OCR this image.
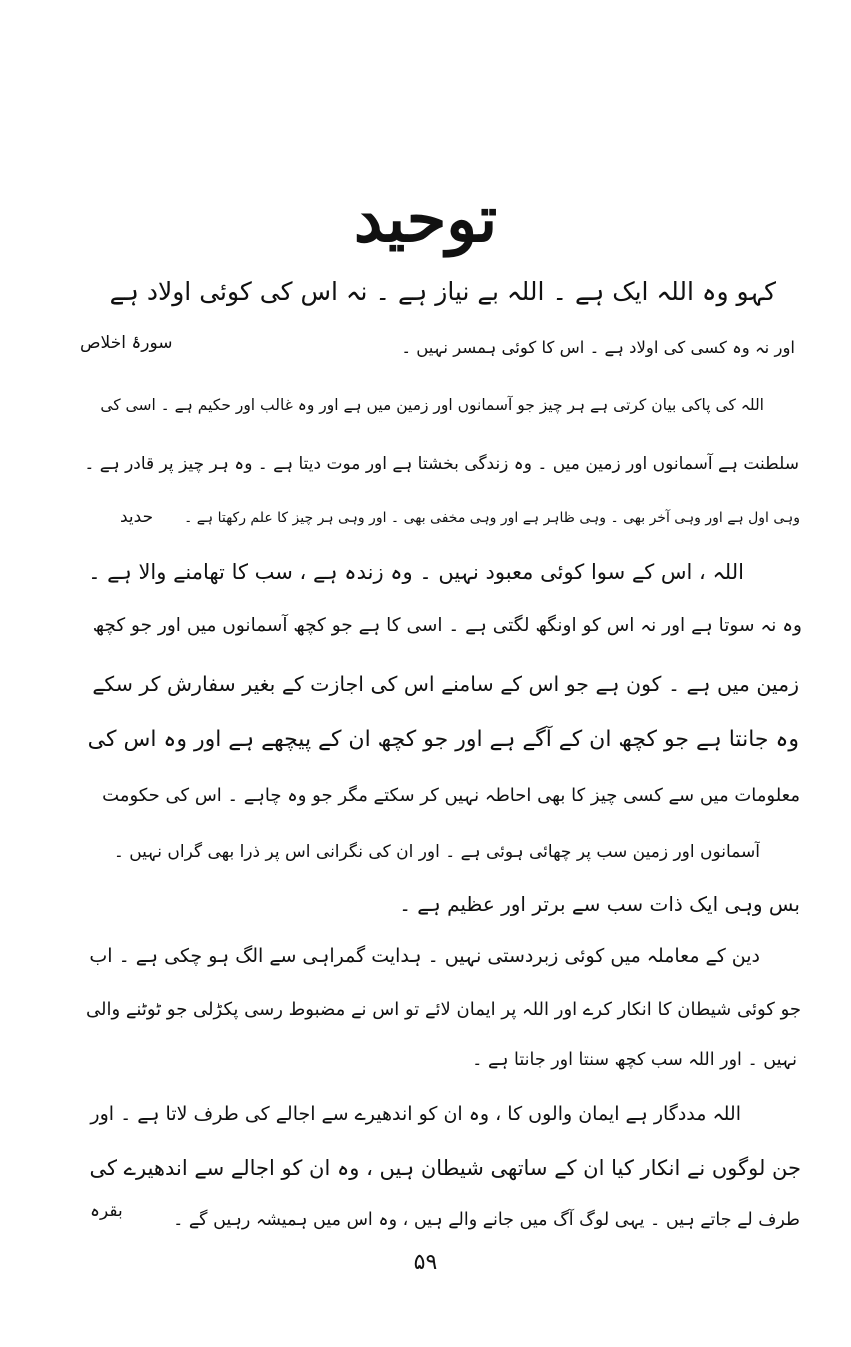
توحید
کہو وہ اللہ ایک ہے ۔ اللہ بے نیاز ہے ۔ نہ اس کی کوئی اولاد ہے
اور نہ وہ کسی کی اولاد ہے ۔ اس کا کوئی ہمسر نہیں ۔
سورۂ اخلاص
اللہ کی پاکی بیان کرتی ہے ہر چیز جو آسمانوں اور زمین میں ہے اور وہ غالب اور حکیم ہے ۔ اسی کی
سلطنت ہے آسمانوں اور زمین میں ۔ وہ زندگی بخشتا ہے اور موت دیتا ہے ۔ وہ ہر چیز پر قادر ہے ۔
وہی اول ہے اور وہی آخر بھی ۔ وہی ظاہر ہے اور وہی مخفی بھی ۔ اور وہی ہر چیز کا علم رکھتا ہے ۔
حدید
اللہ ، اس کے سوا کوئی معبود نہیں ۔ وہ زندہ ہے ، سب کا تھامنے والا ہے ۔
وہ نہ سوتا ہے اور نہ اس کو اونگھ لگتی ہے ۔ اسی کا ہے جو کچھ آسمانوں میں اور جو کچھ
زمین میں ہے ۔ کون ہے جو اس کے سامنے اس کی اجازت کے بغیر سفارش کر سکے
وہ جانتا ہے جو کچھ ان کے آگے ہے اور جو کچھ ان کے پیچھے ہے اور وہ اس کی
معلومات میں سے کسی چیز کا بھی احاطہ نہیں کر سکتے مگر جو وہ چاہے ۔ اس کی حکومت
آسمانوں اور زمین سب پر چھائی ہوئی ہے ۔ اور ان کی نگرانی اس پر ذرا بھی گراں نہیں ۔
بس وہی ایک ذات سب سے برتر اور عظیم ہے ۔
دین کے معاملہ میں کوئی زبردستی نہیں ۔ ہدایت گمراہی سے الگ ہو چکی ہے ۔ اب
جو کوئی شیطان کا انکار کرے اور اللہ پر ایمان لائے تو اس نے مضبوط رسی پکڑلی جو ٹوٹنے والی
نہیں ۔ اور اللہ سب کچھ سنتا اور جانتا ہے ۔
اللہ مددگار ہے ایمان والوں کا ، وہ ان کو اندھیرے سے اجالے کی طرف لاتا ہے ۔ اور
جن لوگوں نے انکار کیا ان کے ساتھی شیطان ہیں ، وہ ان کو اجالے سے اندھیرے کی
طرف لے جاتے ہیں ۔ یہی لوگ آگ میں جانے والے ہیں ، وہ اس میں ہمیشہ رہیں گے ۔
بقرہ
۵۹
